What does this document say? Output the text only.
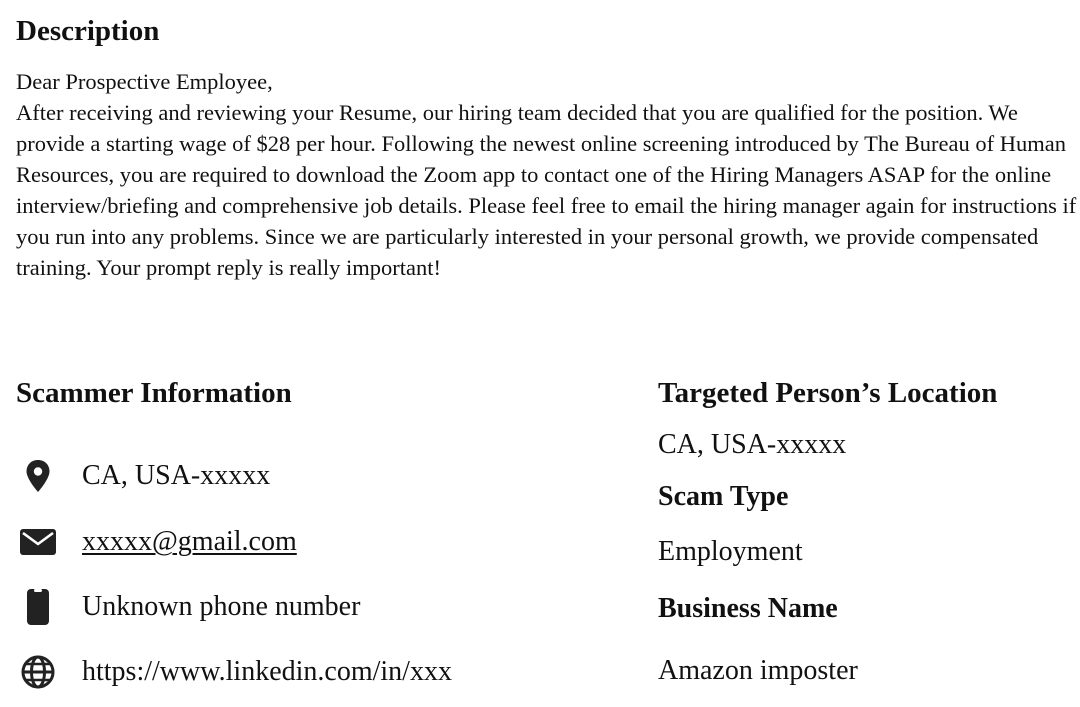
Description

Dear Prospective Employee,

After receiving and reviewing your Resume, our hiring team decided that you are qualified for the position. We provide a starting wage of $28 per hour. Following the newest online screening introduced by The Bureau of Human Resources, you are required to download the Zoom app to contact one of the Hiring Managers ASAP for the online interview/briefing and comprehensive job details. Please feel free to email the hiring manager again for instructions if you run into any problems. Since we are particularly interested in your personal growth, we provide compensated training. Your prompt reply is really important!

Scammer Information
CA, USA-xxxxx
xxxxx@gmail.com
Unknown phone number
https://www.linkedin.com/in/xxx
Targeted Person’s Location
CA, USA-xxxxx
Scam Type
Employment
Business Name
Amazon imposter
